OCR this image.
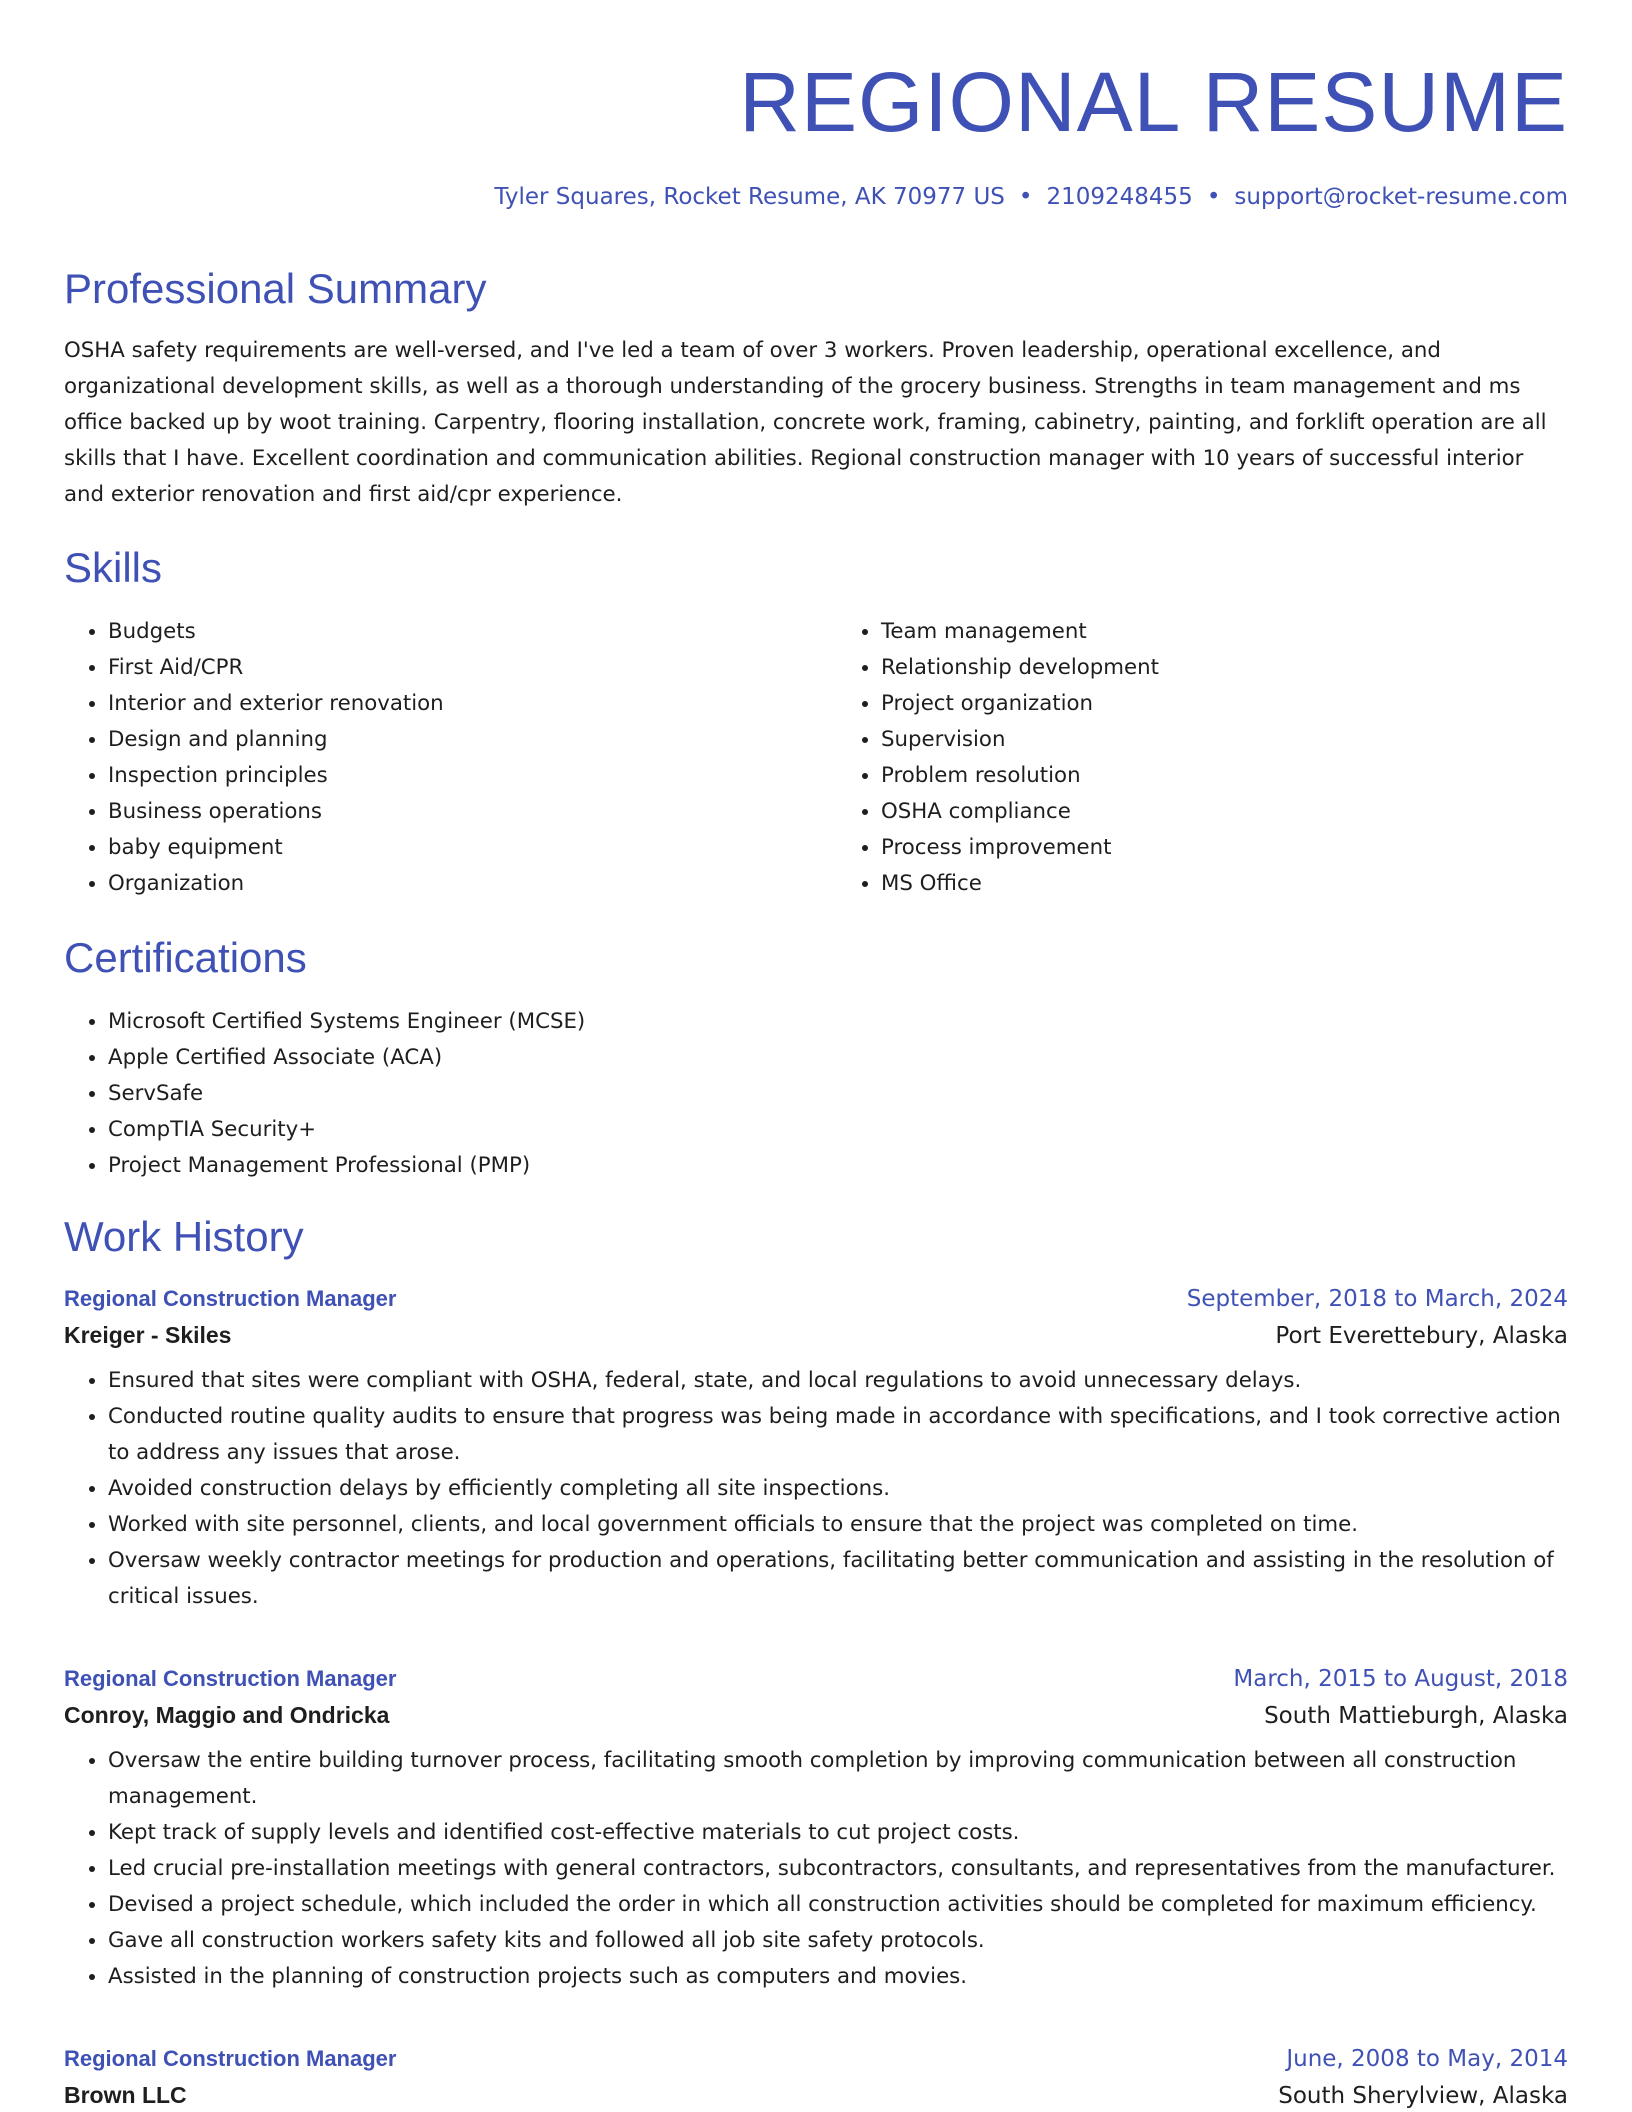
REGIONAL RESUME
Tyler Squares, Rocket Resume, AK 70977 US • 2109248455 • support@rocket-resume.com
Professional Summary

OSHA safety requirements are well-versed, and I've led a team of over 3 workers. Proven leadership, operational excellence, and organizational development skills, as well as a thorough understanding of the grocery business. Strengths in team management and ms office backed up by woot training. Carpentry, flooring installation, concrete work, framing, cabinetry, painting, and forklift operation are all skills that I have. Excellent coordination and communication abilities. Regional construction manager with 10 years of successful interior and exterior renovation and first aid/cpr experience.

Skills
• Budgets
• First Aid/CPR
• Interior and exterior renovation
• Design and planning
• Inspection principles
• Business operations
• baby equipment
• Organization
• Team management
• Relationship development
• Project organization
• Supervision
• Problem resolution
• OSHA compliance
• Process improvement
• MS Office
Certifications
• Microsoft Certified Systems Engineer (MCSE)
• Apple Certified Associate (ACA)
• ServSafe
• CompTIA Security+
• Project Management Professional (PMP)
Work History
Regional Construction Manager	September, 2018 to March, 2024
Kreiger - Skiles	Port Everettebury, Alaska
• Ensured that sites were compliant with OSHA, federal, state, and local regulations to avoid unnecessary delays.
• Conducted routine quality audits to ensure that progress was being made in accordance with specifications, and I took corrective action to address any issues that arose.
• Avoided construction delays by efficiently completing all site inspections.
• Worked with site personnel, clients, and local government officials to ensure that the project was completed on time.
• Oversaw weekly contractor meetings for production and operations, facilitating better communication and assisting in the resolution of critical issues.
Regional Construction Manager	March, 2015 to August, 2018
Conroy, Maggio and Ondricka	South Mattieburgh, Alaska
• Oversaw the entire building turnover process, facilitating smooth completion by improving communication between all construction management.
• Kept track of supply levels and identified cost-effective materials to cut project costs.
• Led crucial pre-installation meetings with general contractors, subcontractors, consultants, and representatives from the manufacturer.
• Devised a project schedule, which included the order in which all construction activities should be completed for maximum efficiency.
• Gave all construction workers safety kits and followed all job site safety protocols.
• Assisted in the planning of construction projects such as computers and movies.
Regional Construction Manager	June, 2008 to May, 2014
Brown LLC	South Sherylview, Alaska
